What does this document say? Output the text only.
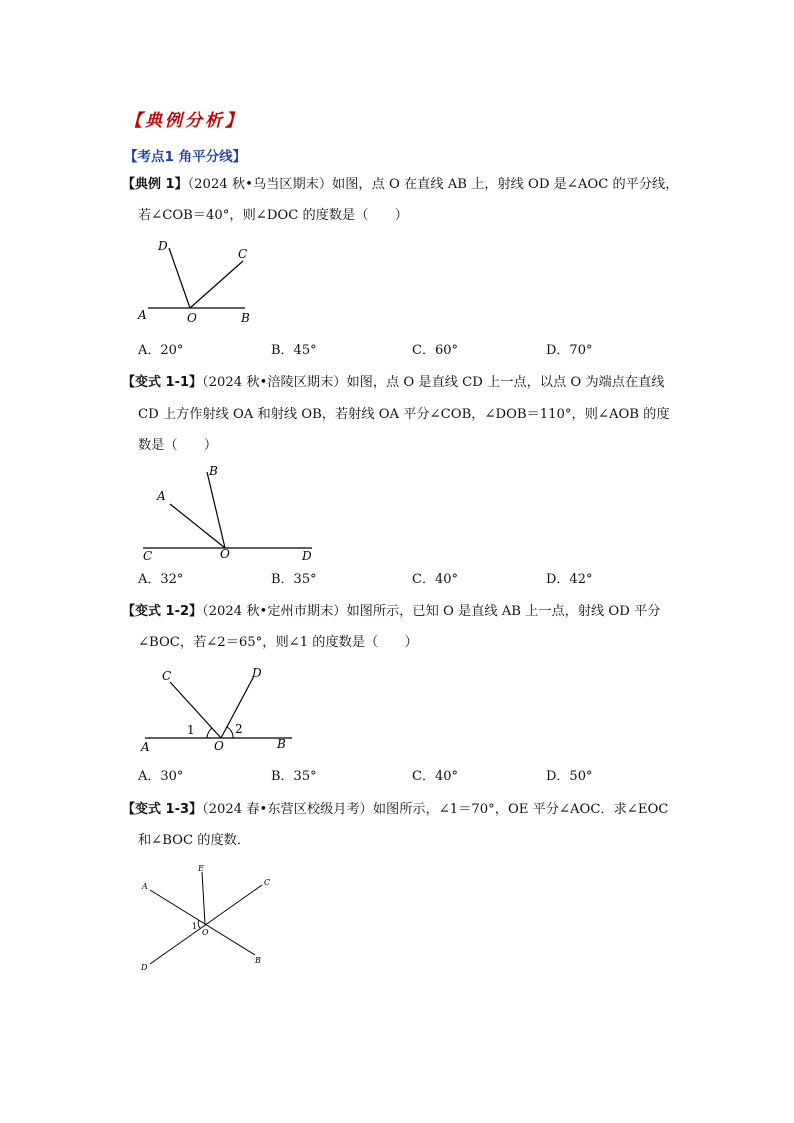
【典例分析】
【考点1 角平分线】
【典例 1】（2024 秋•乌当区期末）如图，点 O 在直线 AB 上，射线 OD 是∠AOC 的平分线，
若∠COB＝40°，则∠DOC 的度数是（　　）
D
C
A	O	B
A．20°	B．45°	C．60°	D．70°
【变式 1-1】（2024 秋•涪陵区期末）如图，点 O 是直线 CD 上一点，以点 O 为端点在直线
CD 上方作射线 OA 和射线 OB，若射线 OA 平分∠COB，∠DOB＝110°，则∠AOB 的度
数是（　　）
B
A
C	O	D
A．32°	B．35°	C．40°	D．42°
【变式 1-2】（2024 秋•定州市期末）如图所示，已知 O 是直线 AB 上一点，射线 OD 平分
∠BOC，若∠2＝65°，则∠1 的度数是（　　）
C	D
1	2
A	O	B
A．30°	B．35°	C．40°	D．50°
【变式 1-3】（2024 春•东营区校级月考）如图所示，∠1＝70°，OE 平分∠AOC．求∠EOC
和∠BOC 的度数．
E
A	C
1
O
D
B
